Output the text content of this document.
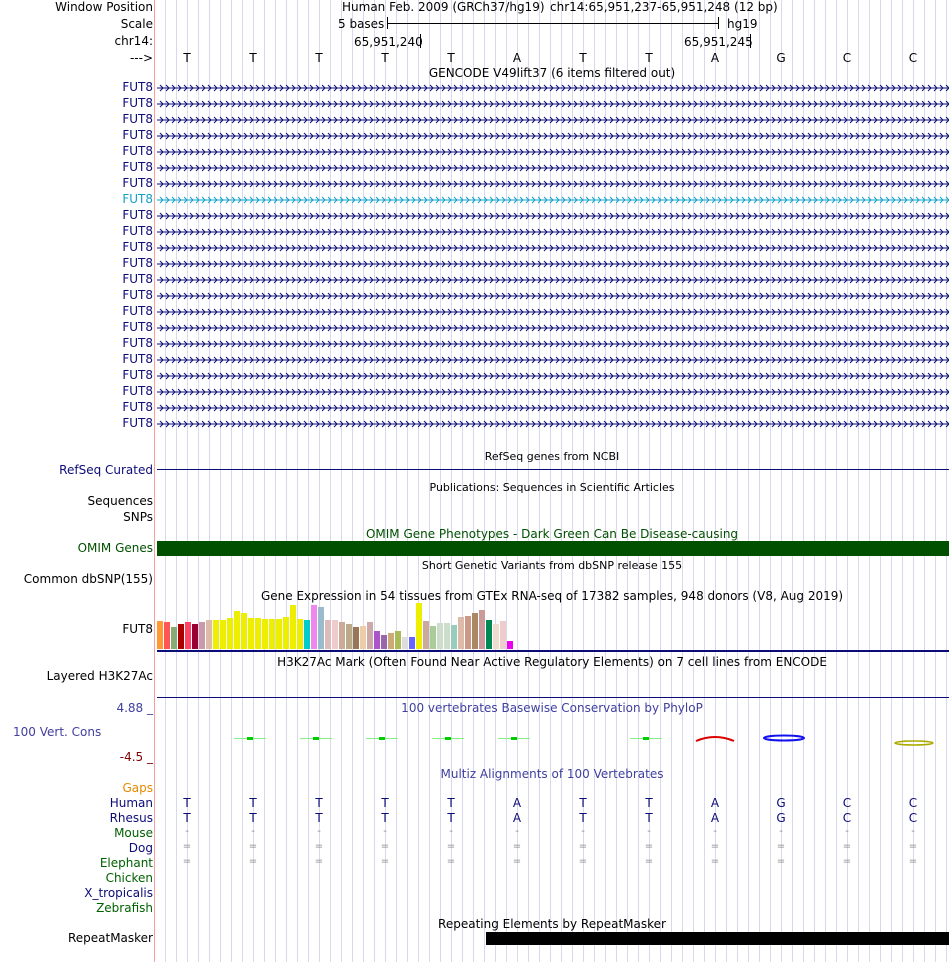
Window Position
Scale
chr14:
--->
Human Feb. 2009 (GRCh37/hg19) chr14:65,951,237-65,951,248 (12 bp)
5 bases	hg19
65,951,240	65,951,245
T	T	T	T	T	A	T	T	A	G	C	C
GENCODE V49lift37 (6 items filtered out)
FUT8
FUT8
FUT8
FUT8
FUT8
FUT8
FUT8
FUT8
FUT8
FUT8
FUT8
FUT8
FUT8
FUT8
FUT8
FUT8
FUT8
FUT8
FUT8
FUT8
FUT8
FUT8
RefSeq genes from NCBI
RefSeq Curated
Publications: Sequences in Scientific Articles
Sequences
SNPs
OMIM Gene Phenotypes - Dark Green Can Be Disease-causing
OMIM Genes
Short Genetic Variants from dbSNP release 155
Common dbSNP(155)
Gene Expression in 54 tissues from GTEx RNA-seq of 17382 samples, 948 donors (V8, Aug 2019)
FUT8
H3K27Ac Mark (Often Found Near Active Regulatory Elements) on 7 cell lines from ENCODE
Layered H3K27Ac
100 vertebrates Basewise Conservation by PhyloP
4.88 _
100 Vert. Cons
-4.5 _
Multiz Alignments of 100 Vertebrates
Gaps
Human	T	T	T	T	T	A	T	T	A	G	C	C
Rhesus	T	T	T	T	T	A	T	T	A	G	C	C
Mouse	-	-	-	-	-	-	-	-	-	-	-	-
Dog	=	=	=	=	=	=	=	=	=	=	=	=
Elephant	=	=	=	=	=	=	=	=	=	=	=	=
Chicken
X_tropicalis
Zebrafish
Repeating Elements by RepeatMasker
RepeatMasker
